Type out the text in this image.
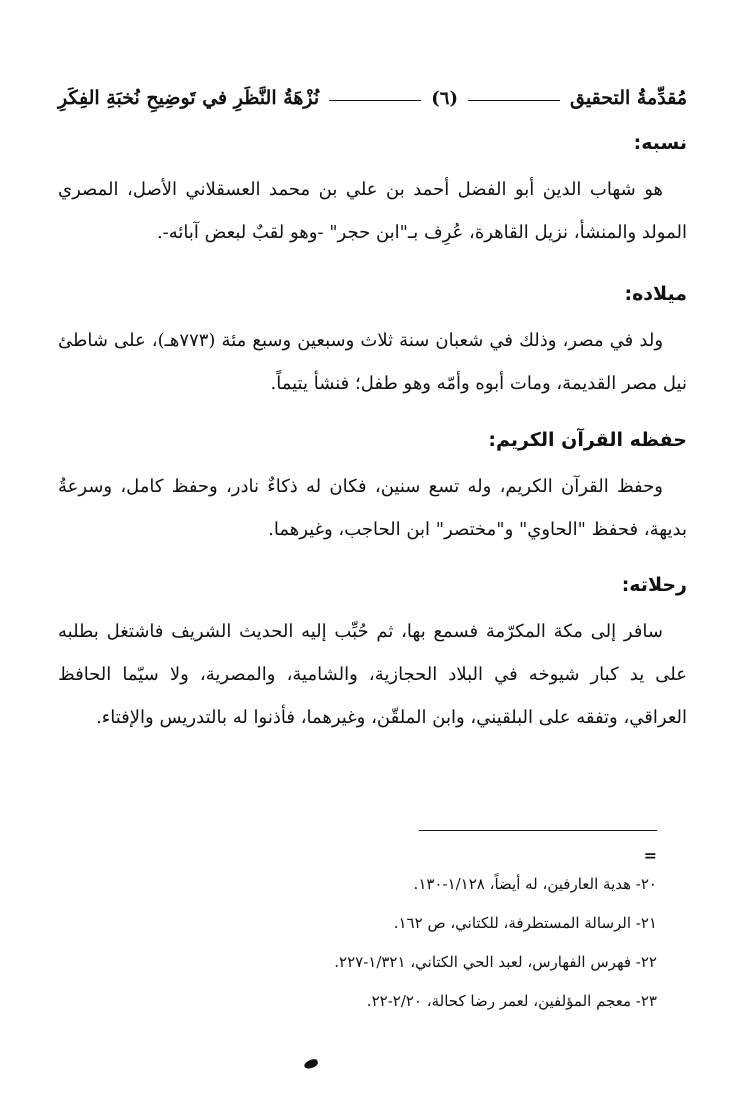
مُقدِّمةُ التحقيق
(٦)
نُزْهَةُ النَّظَرِ في تَوضِيحِ نُخبَةِ الفِكَرِ
نسبه:

هو شهاب الدين أبو الفضل أحمد بن علي بن محمد العسقلاني الأصل، المصري المولد والمنشأ، نزيل القاهرة، عُرِف بـ"ابن حجر" -وهو لقبٌ لبعض آبائه-.

ميلاده:

ولد في مصر، وذلك في شعبان سنة ثلاث وسبعين وسبع مئة (٧٧٣هـ)، على شاطئ نيل مصر القديمة، ومات أبوه وأمّه وهو طفل؛ فنشأ يتيماً.

حفظه القرآن الكريم:

وحفظ القرآن الكريم، وله تسع سنين، فكان له ذكاءٌ نادر، وحفظ كامل، وسرعةُ بديهة، فحفظ "الحاوي" و"مختصر" ابن الحاجب، وغيرهما.

رحلاته:

سافر إلى مكة المكرّمة فسمع بها، ثم حُبِّب إليه الحديث الشريف فاشتغل بطلبه على يد كبار شيوخه في البلاد الحجازية، والشامية، والمصرية، ولا سيّما الحافظ العراقي، وتفقه على البلقيني، وابن الملقّن، وغيرهما، فأذنوا له بالتدريس والإفتاء.

=

٢٠- هدية العارفين، له أيضاً، ١/١٢٨-١٣٠.

٢١- الرسالة المستطرفة، للكتاني، ص ١٦٢.

٢٢- فهرس الفهارس، لعبد الحي الكتاني، ١/٣٢١-٢٢٧.

٢٣- معجم المؤلفين، لعمر رضا كحالة، ٢/٢٠-٢٢.
